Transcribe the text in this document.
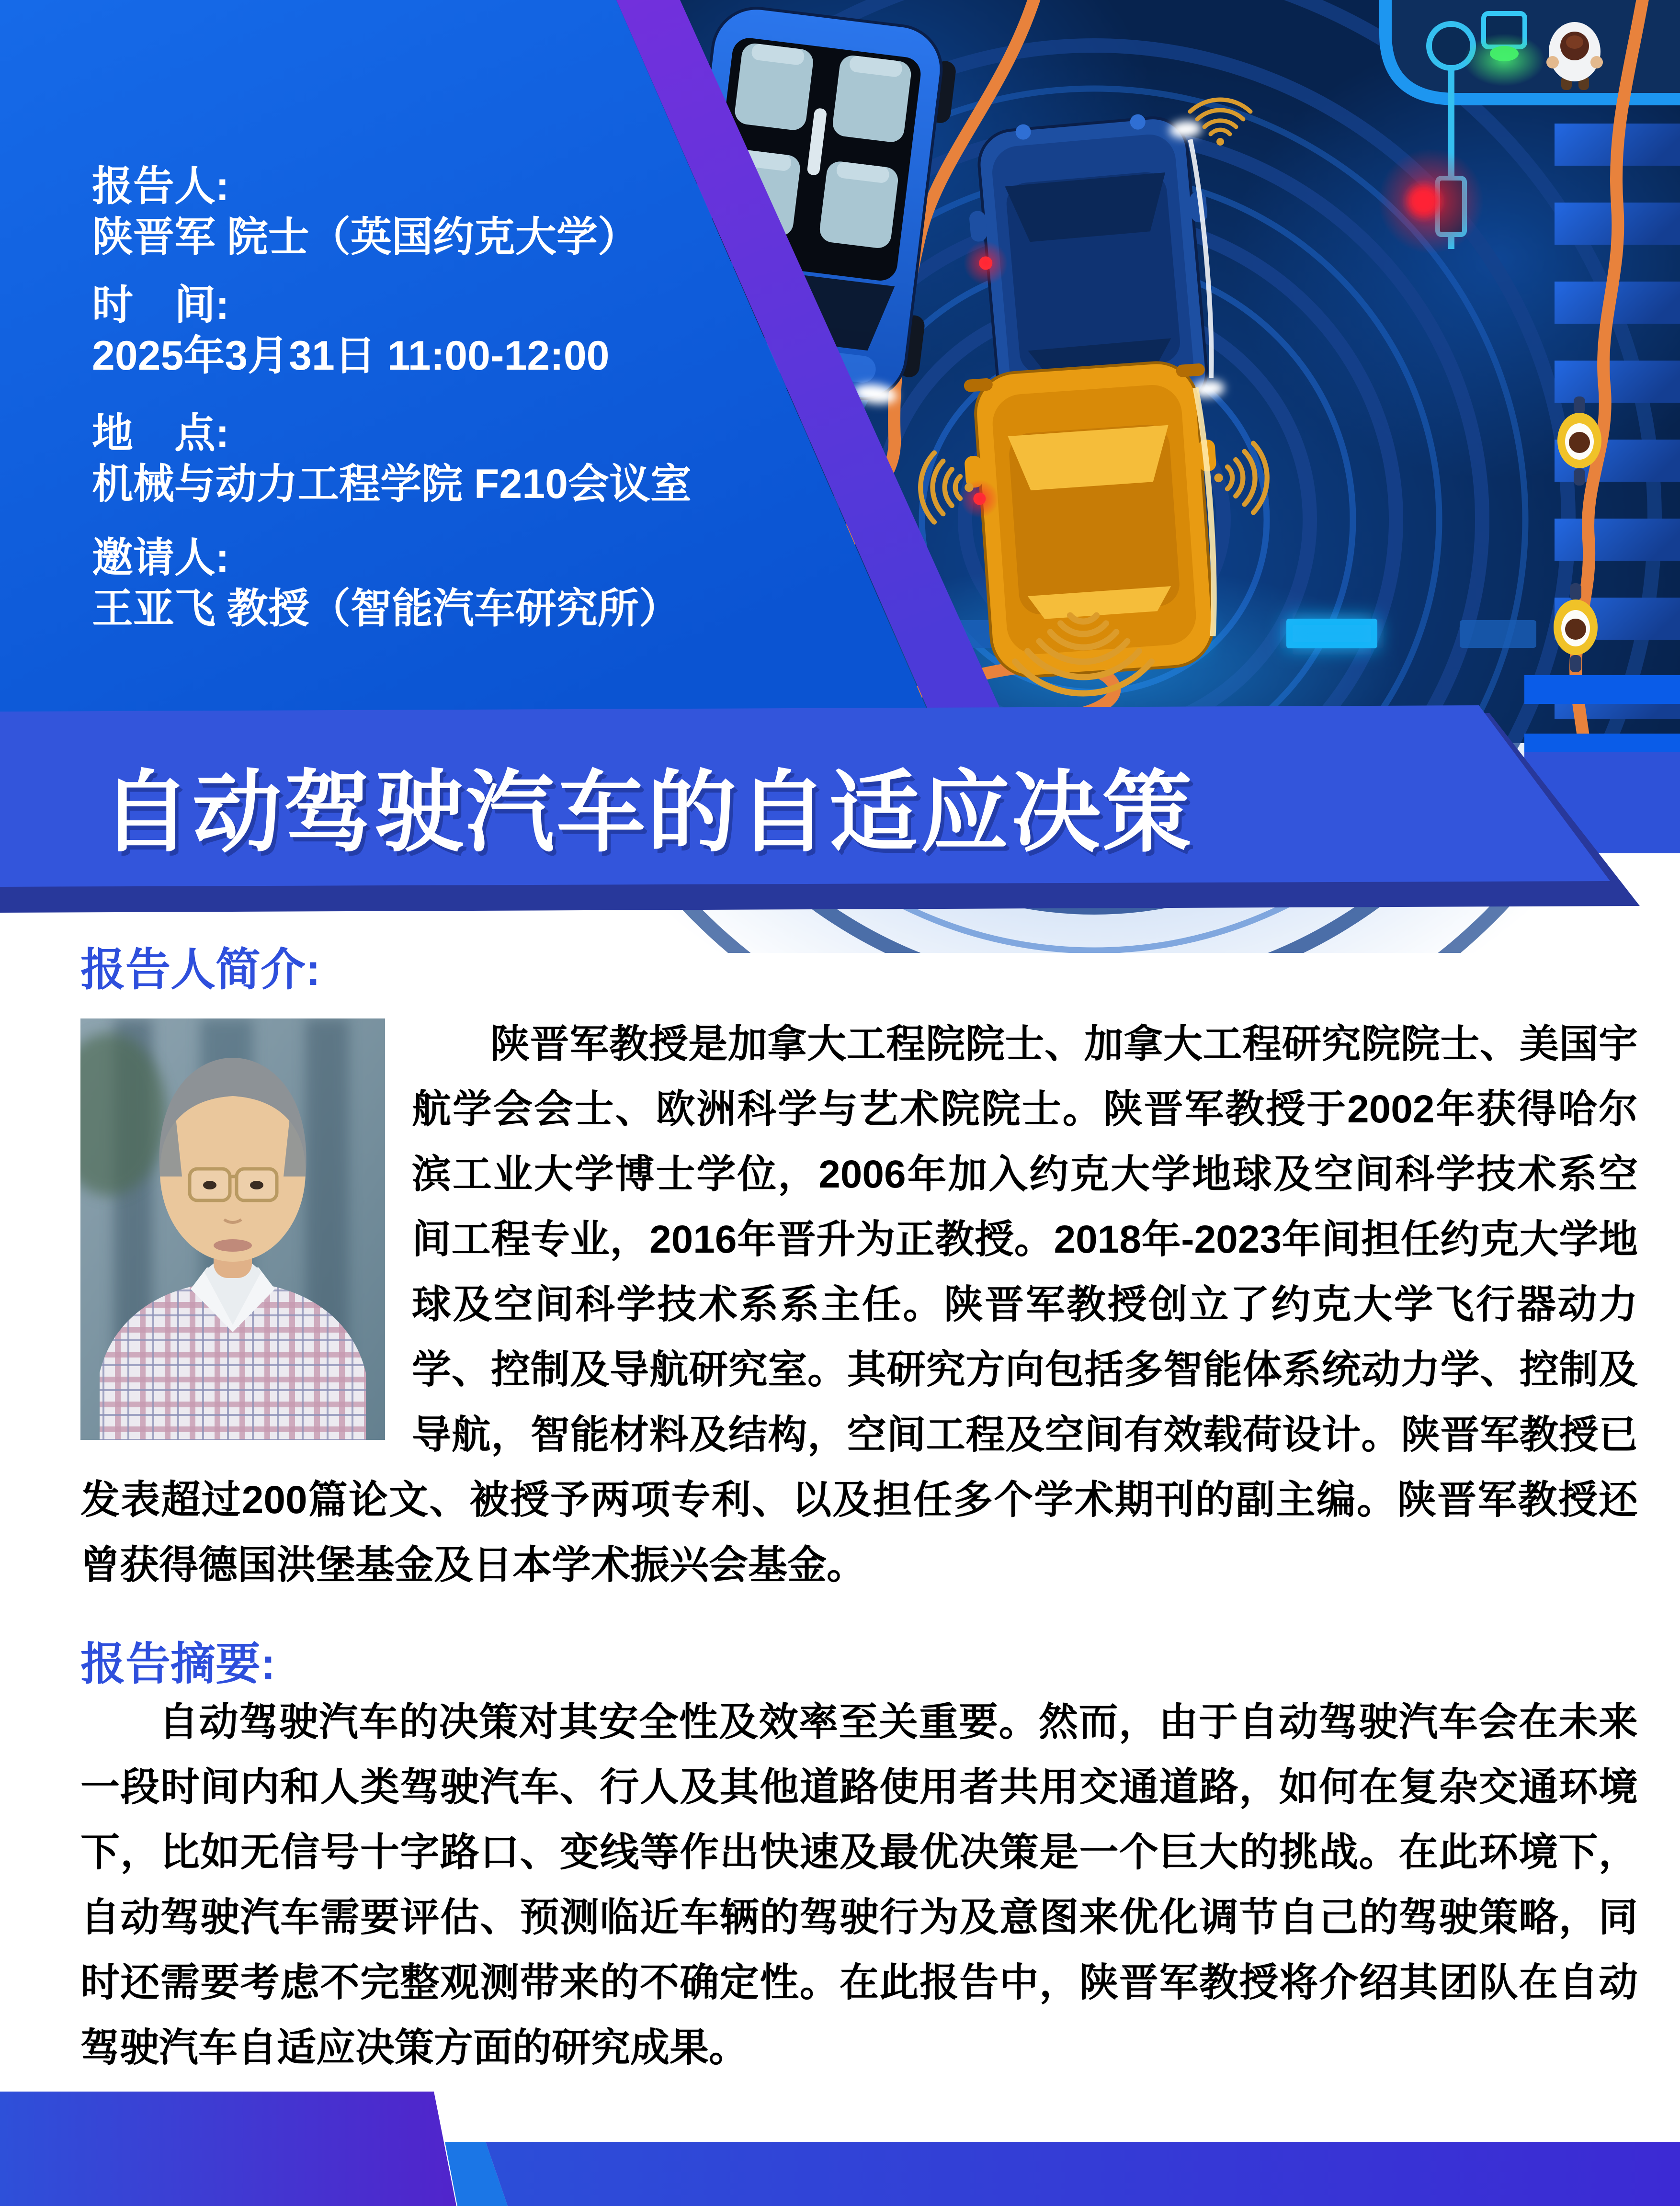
报告人:
陕晋军 院士（英国约克大学）
时　间:
2025年3月31日 11:00-12:00
地　点:
机械与动力工程学院 F210会议室
邀请人:
王亚飞 教授（智能汽车研究所）
自动驾驶汽车的自适应决策
报告人简介:

陕晋军教授是加拿大工程院院士、加拿大工程研究院院士、美国宇航学会会士、欧洲科学与艺术院院士。陕晋军教授于2002年获得哈尔滨工业大学博士学位，2006年加入约克大学地球及空间科学技术系空间工程专业，2016年晋升为正教授。2018年-2023年间担任约克大学地球及空间科学技术系系主任。陕晋军教授创立了约克大学飞行器动力学、控制及导航研究室。其研究方向包括多智能体系统动力学、控制及导航，智能材料及结构，空间工程及空间有效载荷设计。陕晋军教授已发表超过200篇论文、被授予两项专利、以及担任多个学术期刊的副主编。陕晋军教授还曾获得德国洪堡基金及日本学术振兴会基金。

报告摘要:

自动驾驶汽车的决策对其安全性及效率至关重要。然而，由于自动驾驶汽车会在未来一段时间内和人类驾驶汽车、行人及其他道路使用者共用交通道路，如何在复杂交通环境下，比如无信号十字路口、变线等作出快速及最优决策是一个巨大的挑战。在此环境下，自动驾驶汽车需要评估、预测临近车辆的驾驶行为及意图来优化调节自己的驾驶策略，同时还需要考虑不完整观测带来的不确定性。在此报告中，陕晋军教授将介绍其团队在自动驾驶汽车自适应决策方面的研究成果。
